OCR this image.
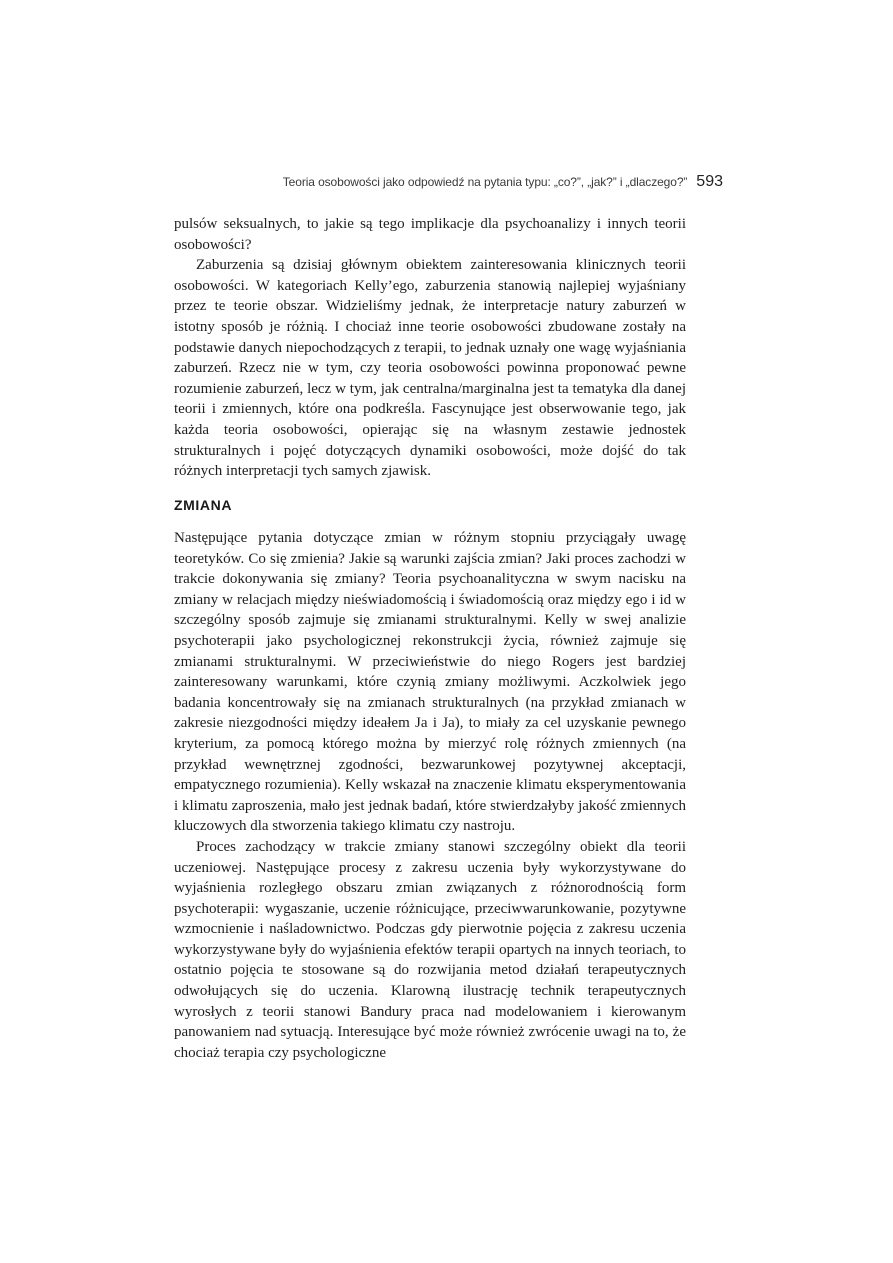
Teoria osobowości jako odpowiedź na pytania typu: „co?”, „jak?” i „dlaczego?” 593

pulsów seksualnych, to jakie są tego implikacje dla psychoanalizy i innych teorii osobowości?

Zaburzenia są dzisiaj głównym obiektem zainteresowania klinicznych teorii osobowości. W kategoriach Kelly’ego, zaburzenia stanowią najlepiej wyjaśniany przez te teorie obszar. Widzieliśmy jednak, że interpretacje natury zaburzeń w istotny sposób je różnią. I chociaż inne teorie osobowości zbudowane zostały na podstawie danych niepochodzących z terapii, to jednak uznały one wagę wyjaśniania zaburzeń. Rzecz nie w tym, czy teoria osobowości powinna proponować pewne rozumienie zaburzeń, lecz w tym, jak centralna/marginalna jest ta tematyka dla danej teorii i zmiennych, które ona podkreśla. Fascynujące jest obserwowanie tego, jak każda teoria osobowości, opierając się na własnym zestawie jednostek strukturalnych i pojęć dotyczących dynamiki osobowości, może dojść do tak różnych interpretacji tych samych zjawisk.

ZMIANA

Następujące pytania dotyczące zmian w różnym stopniu przyciągały uwagę teoretyków. Co się zmienia? Jakie są warunki zajścia zmian? Jaki proces zachodzi w trakcie dokonywania się zmiany? Teoria psychoanalityczna w swym nacisku na zmiany w relacjach między nieświadomością i świadomością oraz między ego i id w szczególny sposób zajmuje się zmianami strukturalnymi. Kelly w swej analizie psychoterapii jako psychologicznej rekonstrukcji życia, również zajmuje się zmianami strukturalnymi. W przeciwieństwie do niego Rogers jest bardziej zainteresowany warunkami, które czynią zmiany możliwymi. Aczkolwiek jego badania koncentrowały się na zmianach strukturalnych (na przykład zmianach w zakresie niezgodności między ideałem Ja i Ja), to miały za cel uzyskanie pewnego kryterium, za pomocą którego można by mierzyć rolę różnych zmiennych (na przykład wewnętrznej zgodności, bezwarunkowej pozytywnej akceptacji, empatycznego rozumienia). Kelly wskazał na znaczenie klimatu eksperymentowania i klimatu zaproszenia, mało jest jednak badań, które stwierdzałyby jakość zmiennych kluczowych dla stworzenia takiego klimatu czy nastroju.

Proces zachodzący w trakcie zmiany stanowi szczególny obiekt dla teorii uczeniowej. Następujące procesy z zakresu uczenia były wykorzystywane do wyjaśnienia rozległego obszaru zmian związanych z różnorodnością form psychoterapii: wygaszanie, uczenie różnicujące, przeciwwarunkowanie, pozytywne wzmocnienie i naśladownictwo. Podczas gdy pierwotnie pojęcia z zakresu uczenia wykorzystywane były do wyjaśnienia efektów terapii opartych na innych teoriach, to ostatnio pojęcia te stosowane są do rozwijania metod działań terapeutycznych odwołujących się do uczenia. Klarowną ilustrację technik terapeutycznych wyrosłych z teorii stanowi Bandury praca nad modelowaniem i kierowanym panowaniem nad sytuacją. Interesujące być może również zwrócenie uwagi na to, że chociaż terapia czy psychologiczne
